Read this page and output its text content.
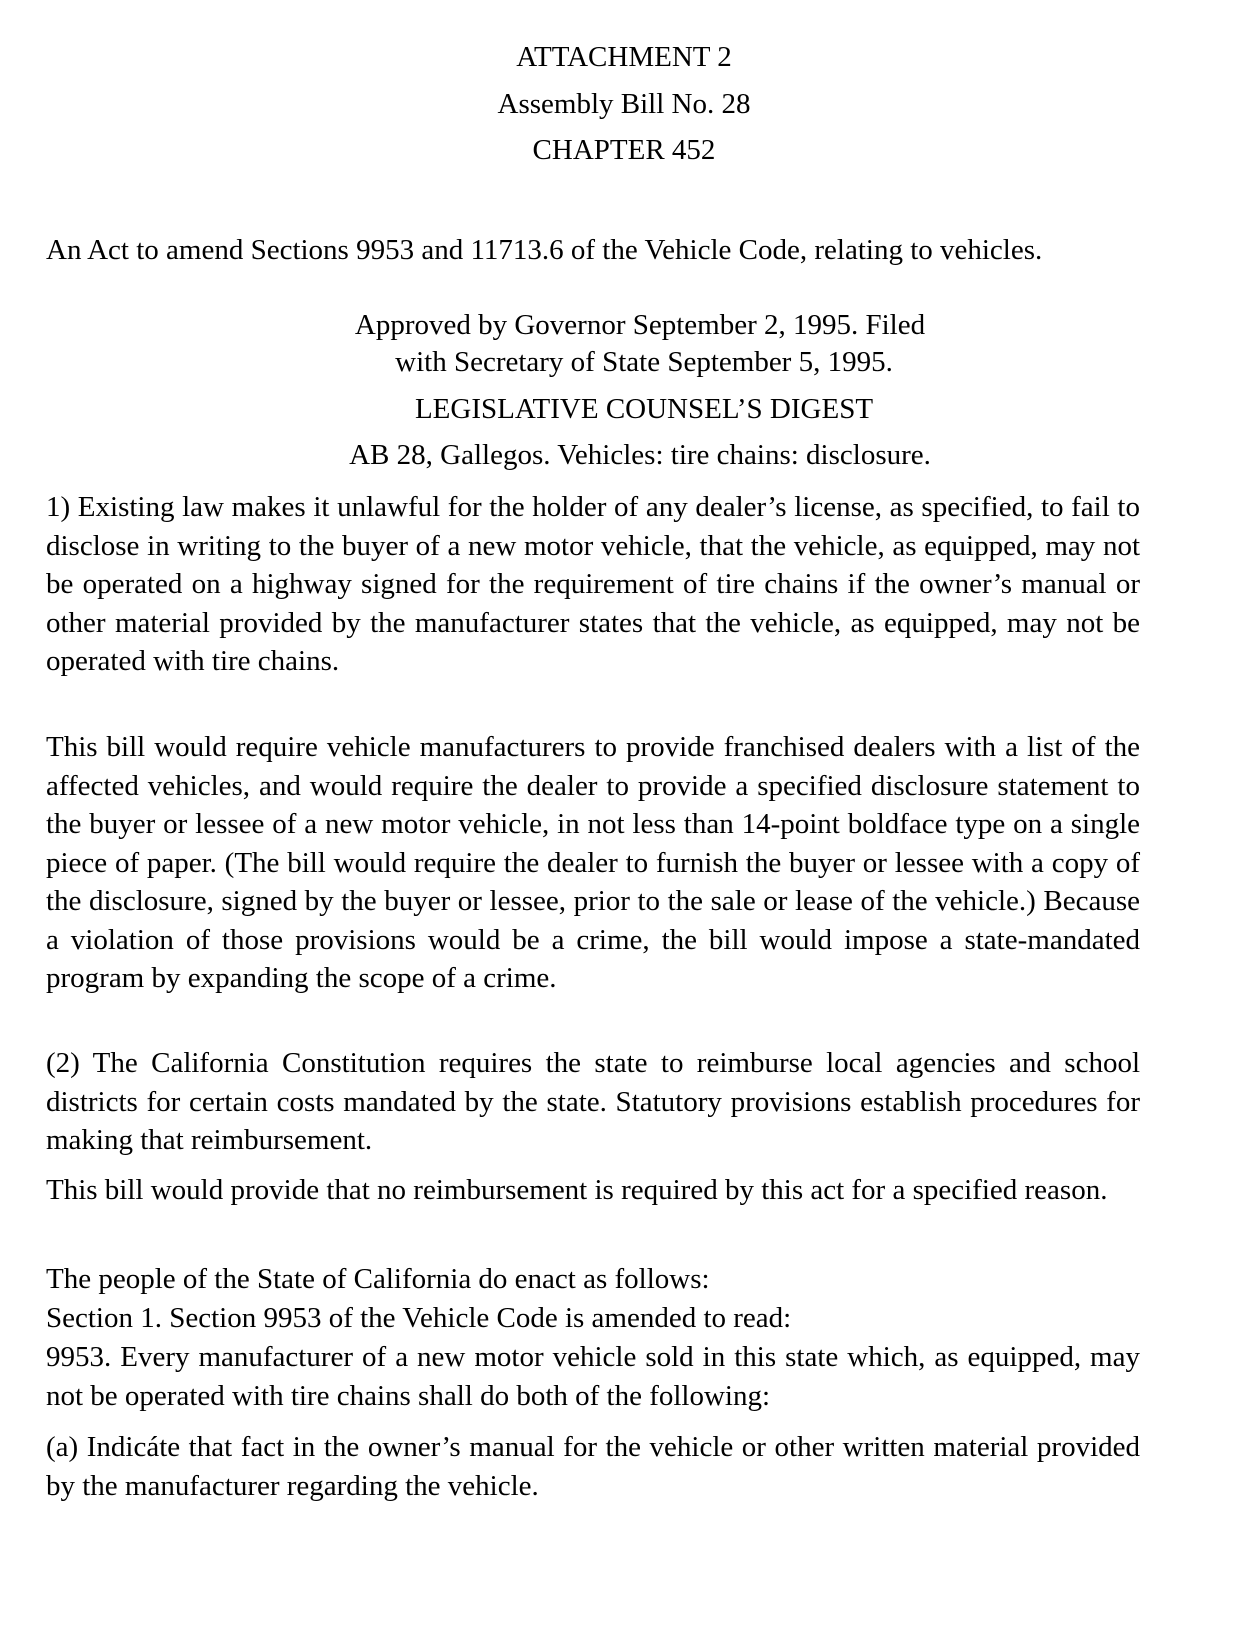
ATTACHMENT 2
Assembly Bill No. 28
CHAPTER 452

An Act to amend Sections 9953 and 11713.6 of the Vehicle Code, relating to vehicles.

Approved by Governor September 2, 1995. Filed
with Secretary of State September 5, 1995.
LEGISLATIVE COUNSEL’S DIGEST
AB 28, Gallegos. Vehicles: tire chains: disclosure.

1) Existing law makes it unlawful for the holder of any dealer’s license, as specified, to fail to disclose in writing to the buyer of a new motor vehicle, that the vehicle, as equipped, may not be operated on a highway signed for the requirement of tire chains if the owner’s manual or other material provided by the manufacturer states that the vehicle, as equipped, may not be operated with tire chains.

This bill would require vehicle manufacturers to provide franchised dealers with a list of the affected vehicles, and would require the dealer to provide a specified disclosure statement to the buyer or lessee of a new motor vehicle, in not less than 14-point boldface type on a single piece of paper. (The bill would require the dealer to furnish the buyer or lessee with a copy of the disclosure, signed by the buyer or lessee, prior to the sale or lease of the vehicle.) Because a violation of those provisions would be a crime, the bill would impose a state-mandated program by expanding the scope of a crime.

(2) The California Constitution requires the state to reimburse local agencies and school districts for certain costs mandated by the state. Statutory provisions establish procedures for making that reimbursement.

This bill would provide that no reimbursement is required by this act for a specified reason.

The people of the State of California do enact as follows:

Section 1. Section 9953 of the Vehicle Code is amended to read:

9953. Every manufacturer of a new motor vehicle sold in this state which, as equipped, may not be operated with tire chains shall do both of the following:

(a) Indicáte that fact in the owner’s manual for the vehicle or other written material provided by the manufacturer regarding the vehicle.
